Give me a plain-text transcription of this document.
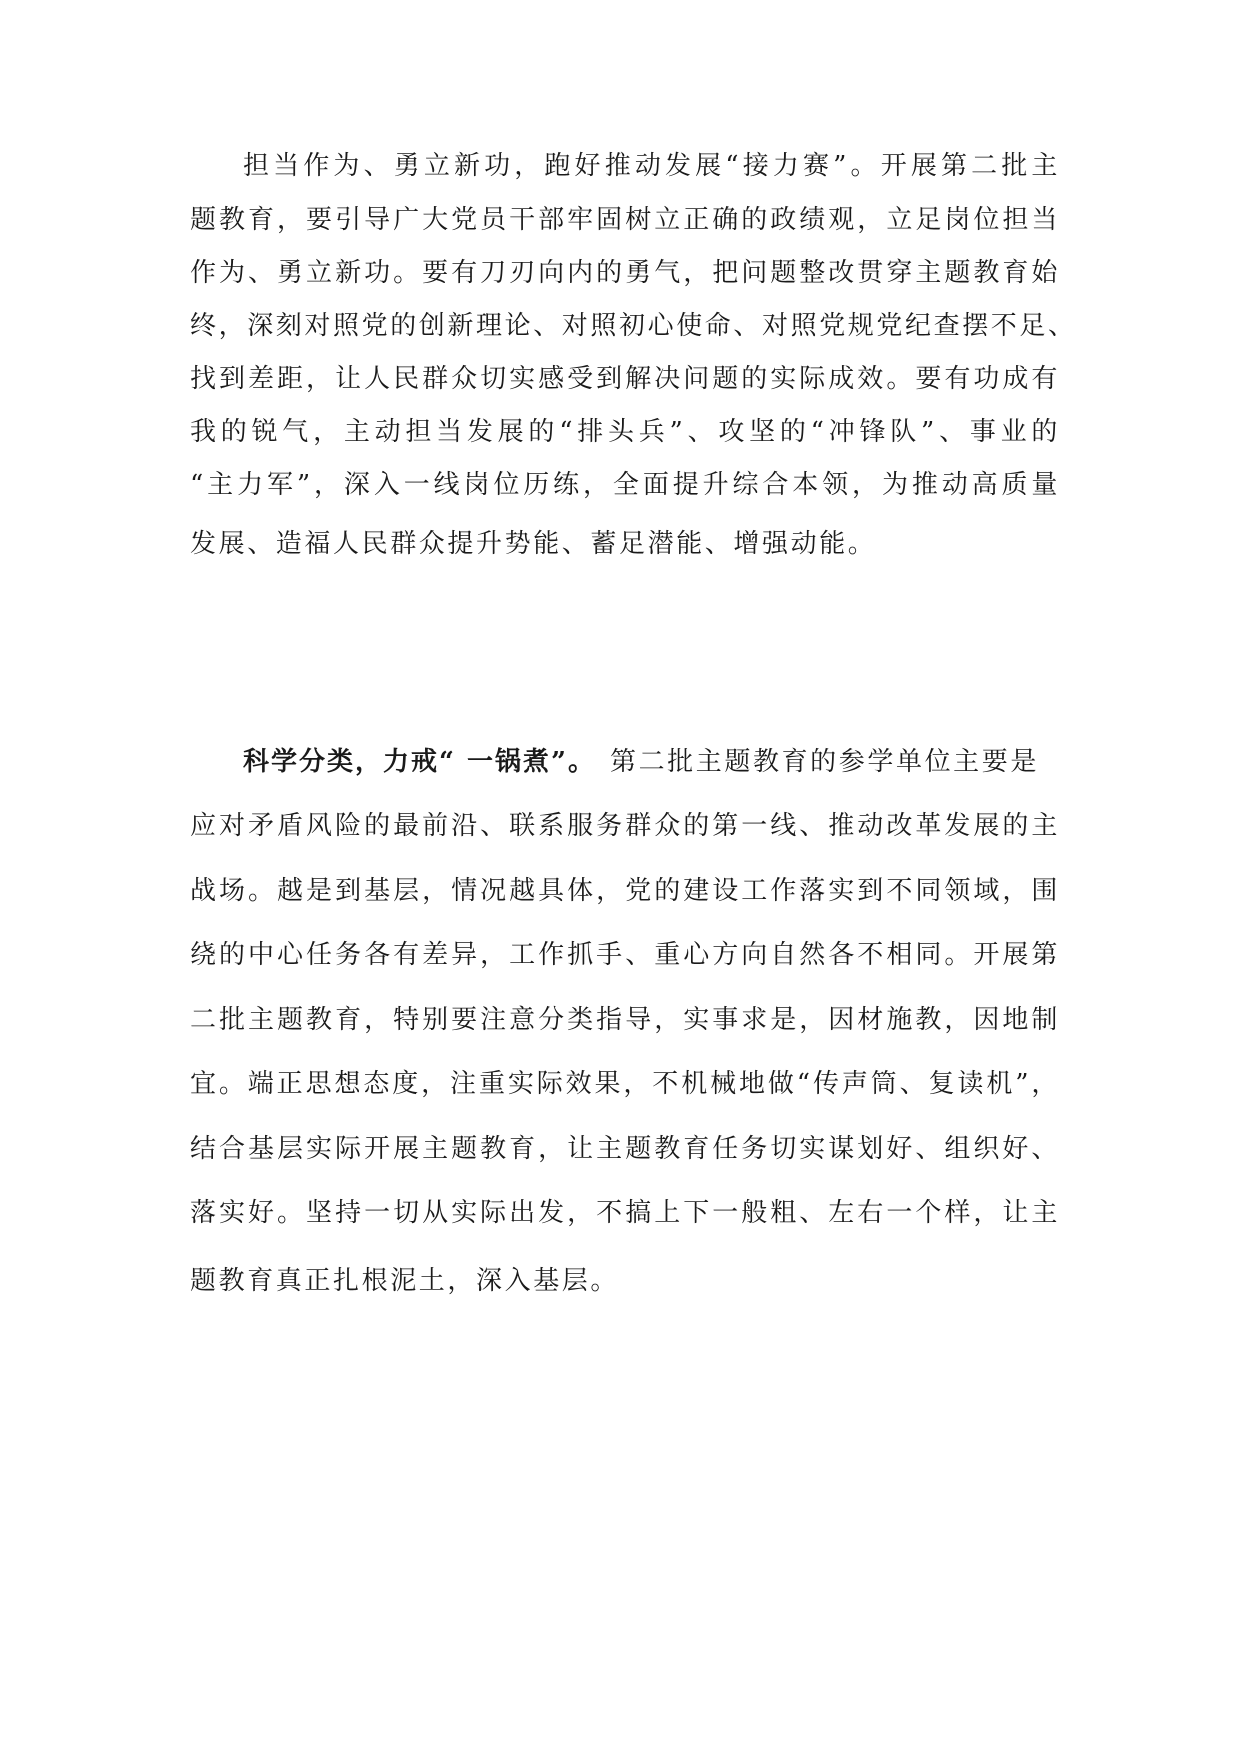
担当作为、勇立新功，跑好推动发展“接力赛”。开展第二批主
题教育，要引导广大党员干部牢固树立正确的政绩观，立足岗位担当
作为、勇立新功。要有刀刃向内的勇气，把问题整改贯穿主题教育始
终，深刻对照党的创新理论、对照初心使命、对照党规党纪查摆不足、
找到差距，让人民群众切实感受到解决问题的实际成效。要有功成有
我的锐气，主动担当发展的“排头兵”、攻坚的“冲锋队”、事业的
“主力军”，深入一线岗位历练，全面提升综合本领，为推动高质量
发展、造福人民群众提升势能、蓄足潜能、增强动能。
科学分类，力戒“ 一锅煮”。 第二批主题教育的参学单位主要是
应对矛盾风险的最前沿、联系服务群众的第一线、推动改革发展的主
战场。越是到基层，情况越具体，党的建设工作落实到不同领域，围
绕的中心任务各有差异，工作抓手、重心方向自然各不相同。开展第
二批主题教育，特别要注意分类指导，实事求是，因材施教，因地制
宜。端正思想态度，注重实际效果，不机械地做“传声筒、复读机”，
结合基层实际开展主题教育，让主题教育任务切实谋划好、组织好、
落实好。坚持一切从实际出发，不搞上下一般粗、左右一个样，让主
题教育真正扎根泥土，深入基层。
